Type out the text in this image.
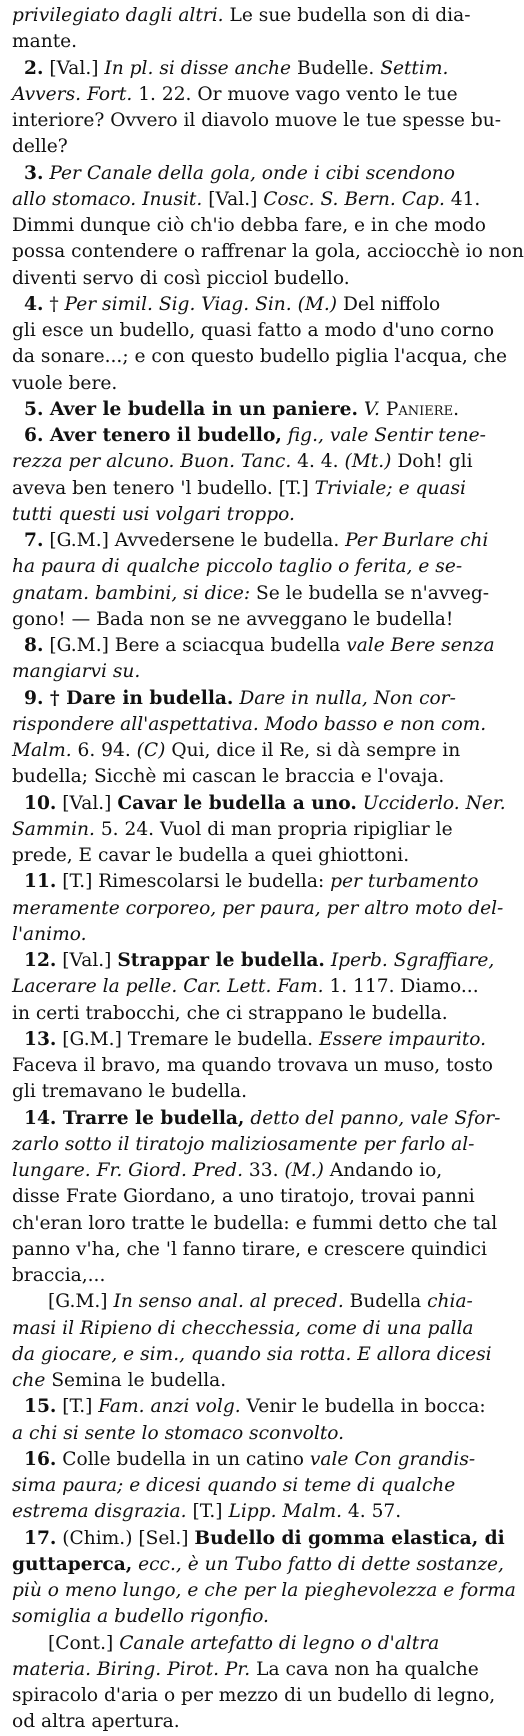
privilegiato dagli altri. Le sue budella son di dia-
mante.
2. [Val.] In pl. si disse anche Budelle. Settim.
Avvers. Fort. 1. 22. Or muove vago vento le tue
interiore? Ovvero il diavolo muove le tue spesse bu-
delle?
3. Per Canale della gola, onde i cibi scendono
allo stomaco. Inusit. [Val.] Cosc. S. Bern. Cap. 41.
Dimmi dunque ciò ch'io debba fare, e in che modo
possa contendere o raffrenar la gola, acciocchè io non
diventi servo di così picciol budello.
4. † Per simil. Sig. Viag. Sin. (M.) Del niffolo
gli esce un budello, quasi fatto a modo d'uno corno
da sonare...; e con questo budello piglia l'acqua, che
vuole bere.
5. Aver le budella in un paniere. V. Paniere.
6. Aver tenero il budello, fig., vale Sentir tene-
rezza per alcuno. Buon. Tanc. 4. 4. (Mt.) Doh! gli
aveva ben tenero 'l budello. [T.] Triviale; e quasi
tutti questi usi volgari troppo.
7. [G.M.] Avvedersene le budella. Per Burlare chi
ha paura di qualche piccolo taglio o ferita, e se-
gnatam. bambini, si dice: Se le budella se n'avveg-
gono! — Bada non se ne avveggano le budella!
8. [G.M.] Bere a sciacqua budella vale Bere senza
mangiarvi su.
9. † Dare in budella. Dare in nulla, Non cor-
rispondere all'aspettativa. Modo basso e non com.
Malm. 6. 94. (C) Qui, dice il Re, si dà sempre in
budella; Sicchè mi cascan le braccia e l'ovaja.
10. [Val.] Cavar le budella a uno. Ucciderlo. Ner.
Sammin. 5. 24. Vuol di man propria ripigliar le
prede, E cavar le budella a quei ghiottoni.
11. [T.] Rimescolarsi le budella: per turbamento
meramente corporeo, per paura, per altro moto del-
l'animo.
12. [Val.] Strappar le budella. Iperb. Sgraffiare,
Lacerare la pelle. Car. Lett. Fam. 1. 117. Diamo...
in certi trabocchi, che ci strappano le budella.
13. [G.M.] Tremare le budella. Essere impaurito.
Faceva il bravo, ma quando trovava un muso, tosto
gli tremavano le budella.
14. Trarre le budella, detto del panno, vale Sfor-
zarlo sotto il tiratojo maliziosamente per farlo al-
lungare. Fr. Giord. Pred. 33. (M.) Andando io,
disse Frate Giordano, a uno tiratojo, trovai panni
ch'eran loro tratte le budella: e fummi detto che tal
panno v'ha, che 'l fanno tirare, e crescere quindici
braccia,...
[G.M.] In senso anal. al preced. Budella chia-
masi il Ripieno di checchessia, come di una palla
da giocare, e sim., quando sia rotta. E allora dicesi
che Semina le budella.
15. [T.] Fam. anzi volg. Venir le budella in bocca:
a chi si sente lo stomaco sconvolto.
16. Colle budella in un catino vale Con grandis-
sima paura; e dicesi quando si teme di qualche
estrema disgrazia. [T.] Lipp. Malm. 4. 57.
17. (Chim.) [Sel.] Budello di gomma elastica, di
guttaperca, ecc., è un Tubo fatto di dette sostanze,
più o meno lungo, e che per la pieghevolezza e forma
somiglia a budello rigonfio.
[Cont.] Canale artefatto di legno o d'altra
materia. Biring. Pirot. Pr. La cava non ha qualche
spiracolo d'aria o per mezzo di un budello di legno,
od altra apertura.
